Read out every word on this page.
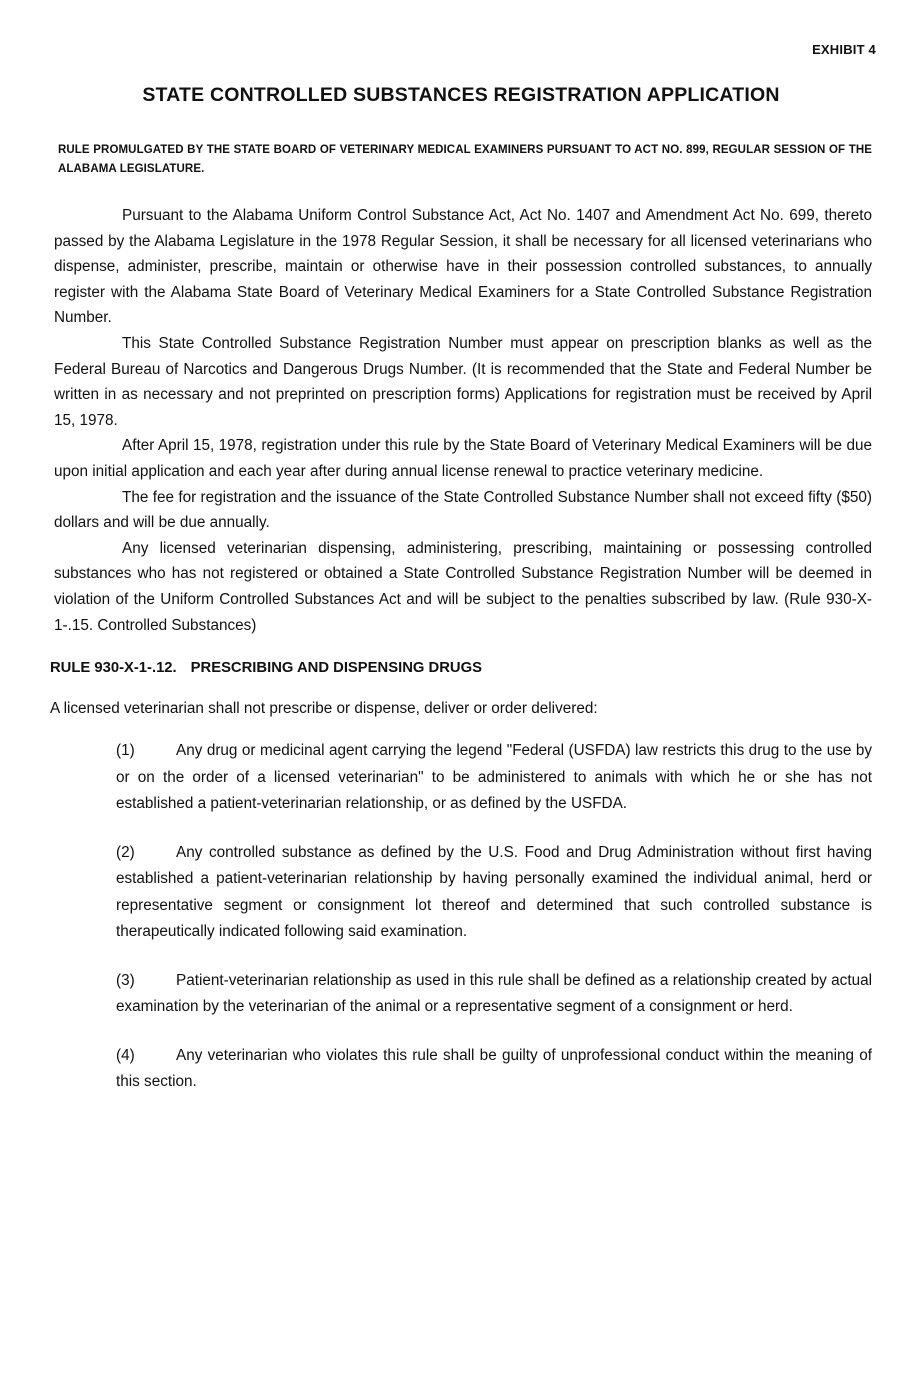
EXHIBIT 4
STATE CONTROLLED SUBSTANCES REGISTRATION APPLICATION
RULE PROMULGATED BY THE STATE BOARD OF VETERINARY MEDICAL EXAMINERS PURSUANT TO ACT NO. 899, REGULAR SESSION OF THE ALABAMA LEGISLATURE.

Pursuant to the Alabama Uniform Control Substance Act, Act No. 1407 and Amendment Act No. 699, thereto passed by the Alabama Legislature in the 1978 Regular Session, it shall be necessary for all licensed veterinarians who dispense, administer, prescribe, maintain or otherwise have in their possession controlled substances, to annually register with the Alabama State Board of Veterinary Medical Examiners for a State Controlled Substance Registration Number.

This State Controlled Substance Registration Number must appear on prescription blanks as well as the Federal Bureau of Narcotics and Dangerous Drugs Number. (It is recommended that the State and Federal Number be written in as necessary and not preprinted on prescription forms) Applications for registration must be received by April 15, 1978.

After April 15, 1978, registration under this rule by the State Board of Veterinary Medical Examiners will be due upon initial application and each year after during annual license renewal to practice veterinary medicine.

The fee for registration and the issuance of the State Controlled Substance Number shall not exceed fifty ($50) dollars and will be due annually.

Any licensed veterinarian dispensing, administering, prescribing, maintaining or possessing controlled substances who has not registered or obtained a State Controlled Substance Registration Number will be deemed in violation of the Uniform Controlled Substances Act and will be subject to the penalties subscribed by law. (Rule 930-X-1-.15. Controlled Substances)

RULE 930-X-1-.12. PRESCRIBING AND DISPENSING DRUGS
A licensed veterinarian shall not prescribe or dispense, deliver or order delivered:
(1)	Any drug or medicinal agent carrying the legend "Federal (USFDA) law restricts this drug to the use by or on the order of a licensed veterinarian" to be administered to animals with which he or she has not established a patient-veterinarian relationship, or as defined by the USFDA.
(2)	Any controlled substance as defined by the U.S. Food and Drug Administration without first having established a patient-veterinarian relationship by having personally examined the individual animal, herd or representative segment or consignment lot thereof and determined that such controlled substance is therapeutically indicated following said examination.
(3)	Patient-veterinarian relationship as used in this rule shall be defined as a relationship created by actual examination by the veterinarian of the animal or a representative segment of a consignment or herd.
(4)	Any veterinarian who violates this rule shall be guilty of unprofessional conduct within the meaning of this section.
